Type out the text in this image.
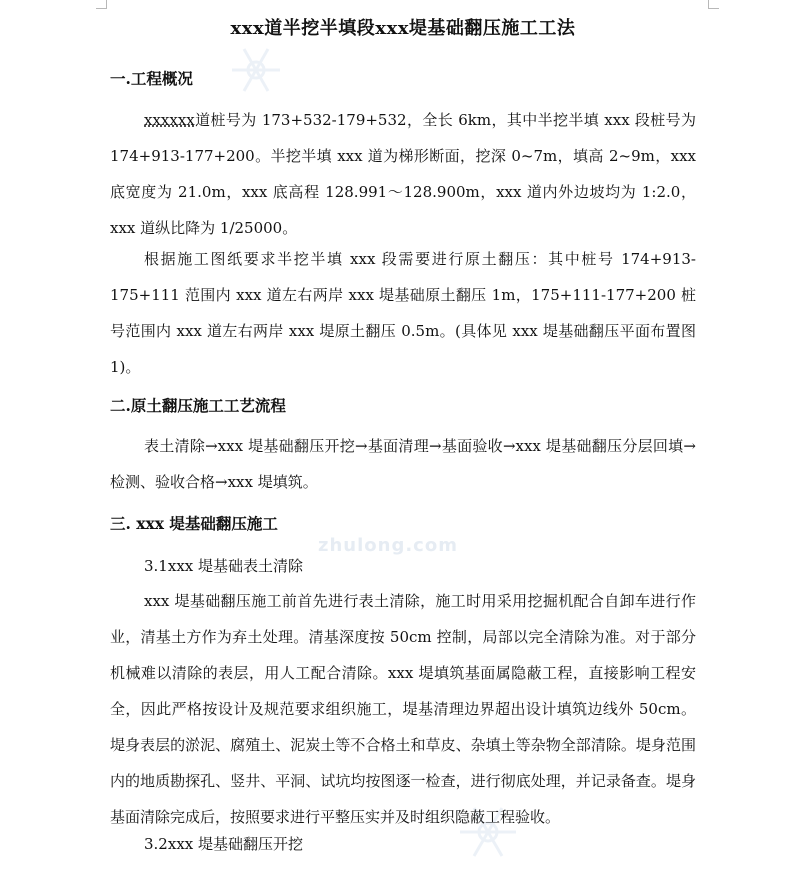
zhulong.com
xxx道半挖半填段xxx堤基础翻压施工工法
一.工程概况
xxxxxx道桩号为 173+532-179+532，全长 6km，其中半挖半填 xxx 段桩号为 174+913-177+200。半挖半填 xxx 道为梯形断面，挖深 0~7m，填高 2~9m，xxx 底宽度为 21.0m，xxx 底高程 128.991～128.900m，xxx 道内外边坡均为 1:2.0，xxx 道纵比降为 1/25000。
根据施工图纸要求半挖半填 xxx 段需要进行原土翻压：其中桩号 174+913-175+111 范围内 xxx 道左右两岸 xxx 堤基础原土翻压 1m，175+111-177+200 桩号范围内 xxx 道左右两岸 xxx 堤原土翻压 0.5m。(具体见 xxx 堤基础翻压平面布置图 1)。
二.原土翻压施工工艺流程
表土清除→xxx 堤基础翻压开挖→基面清理→基面验收→xxx 堤基础翻压分层回填→检测、验收合格→xxx 堤填筑。
三. xxx 堤基础翻压施工
3.1xxx 堤基础表土清除
xxx 堤基础翻压施工前首先进行表土清除，施工时用采用挖掘机配合自卸车进行作业，清基土方作为弃土处理。清基深度按 50cm 控制，局部以完全清除为准。对于部分机械难以清除的表层，用人工配合清除。xxx 堤填筑基面属隐蔽工程，直接影响工程安全，因此严格按设计及规范要求组织施工，堤基清理边界超出设计填筑边线外 50cm。堤身表层的淤泥、腐殖土、泥炭土等不合格土和草皮、杂填土等杂物全部清除。堤身范围内的地质勘探孔、竖井、平洞、试坑均按图逐一检查，进行彻底处理，并记录备查。堤身基面清除完成后，按照要求进行平整压实并及时组织隐蔽工程验收。
3.2xxx 堤基础翻压开挖
